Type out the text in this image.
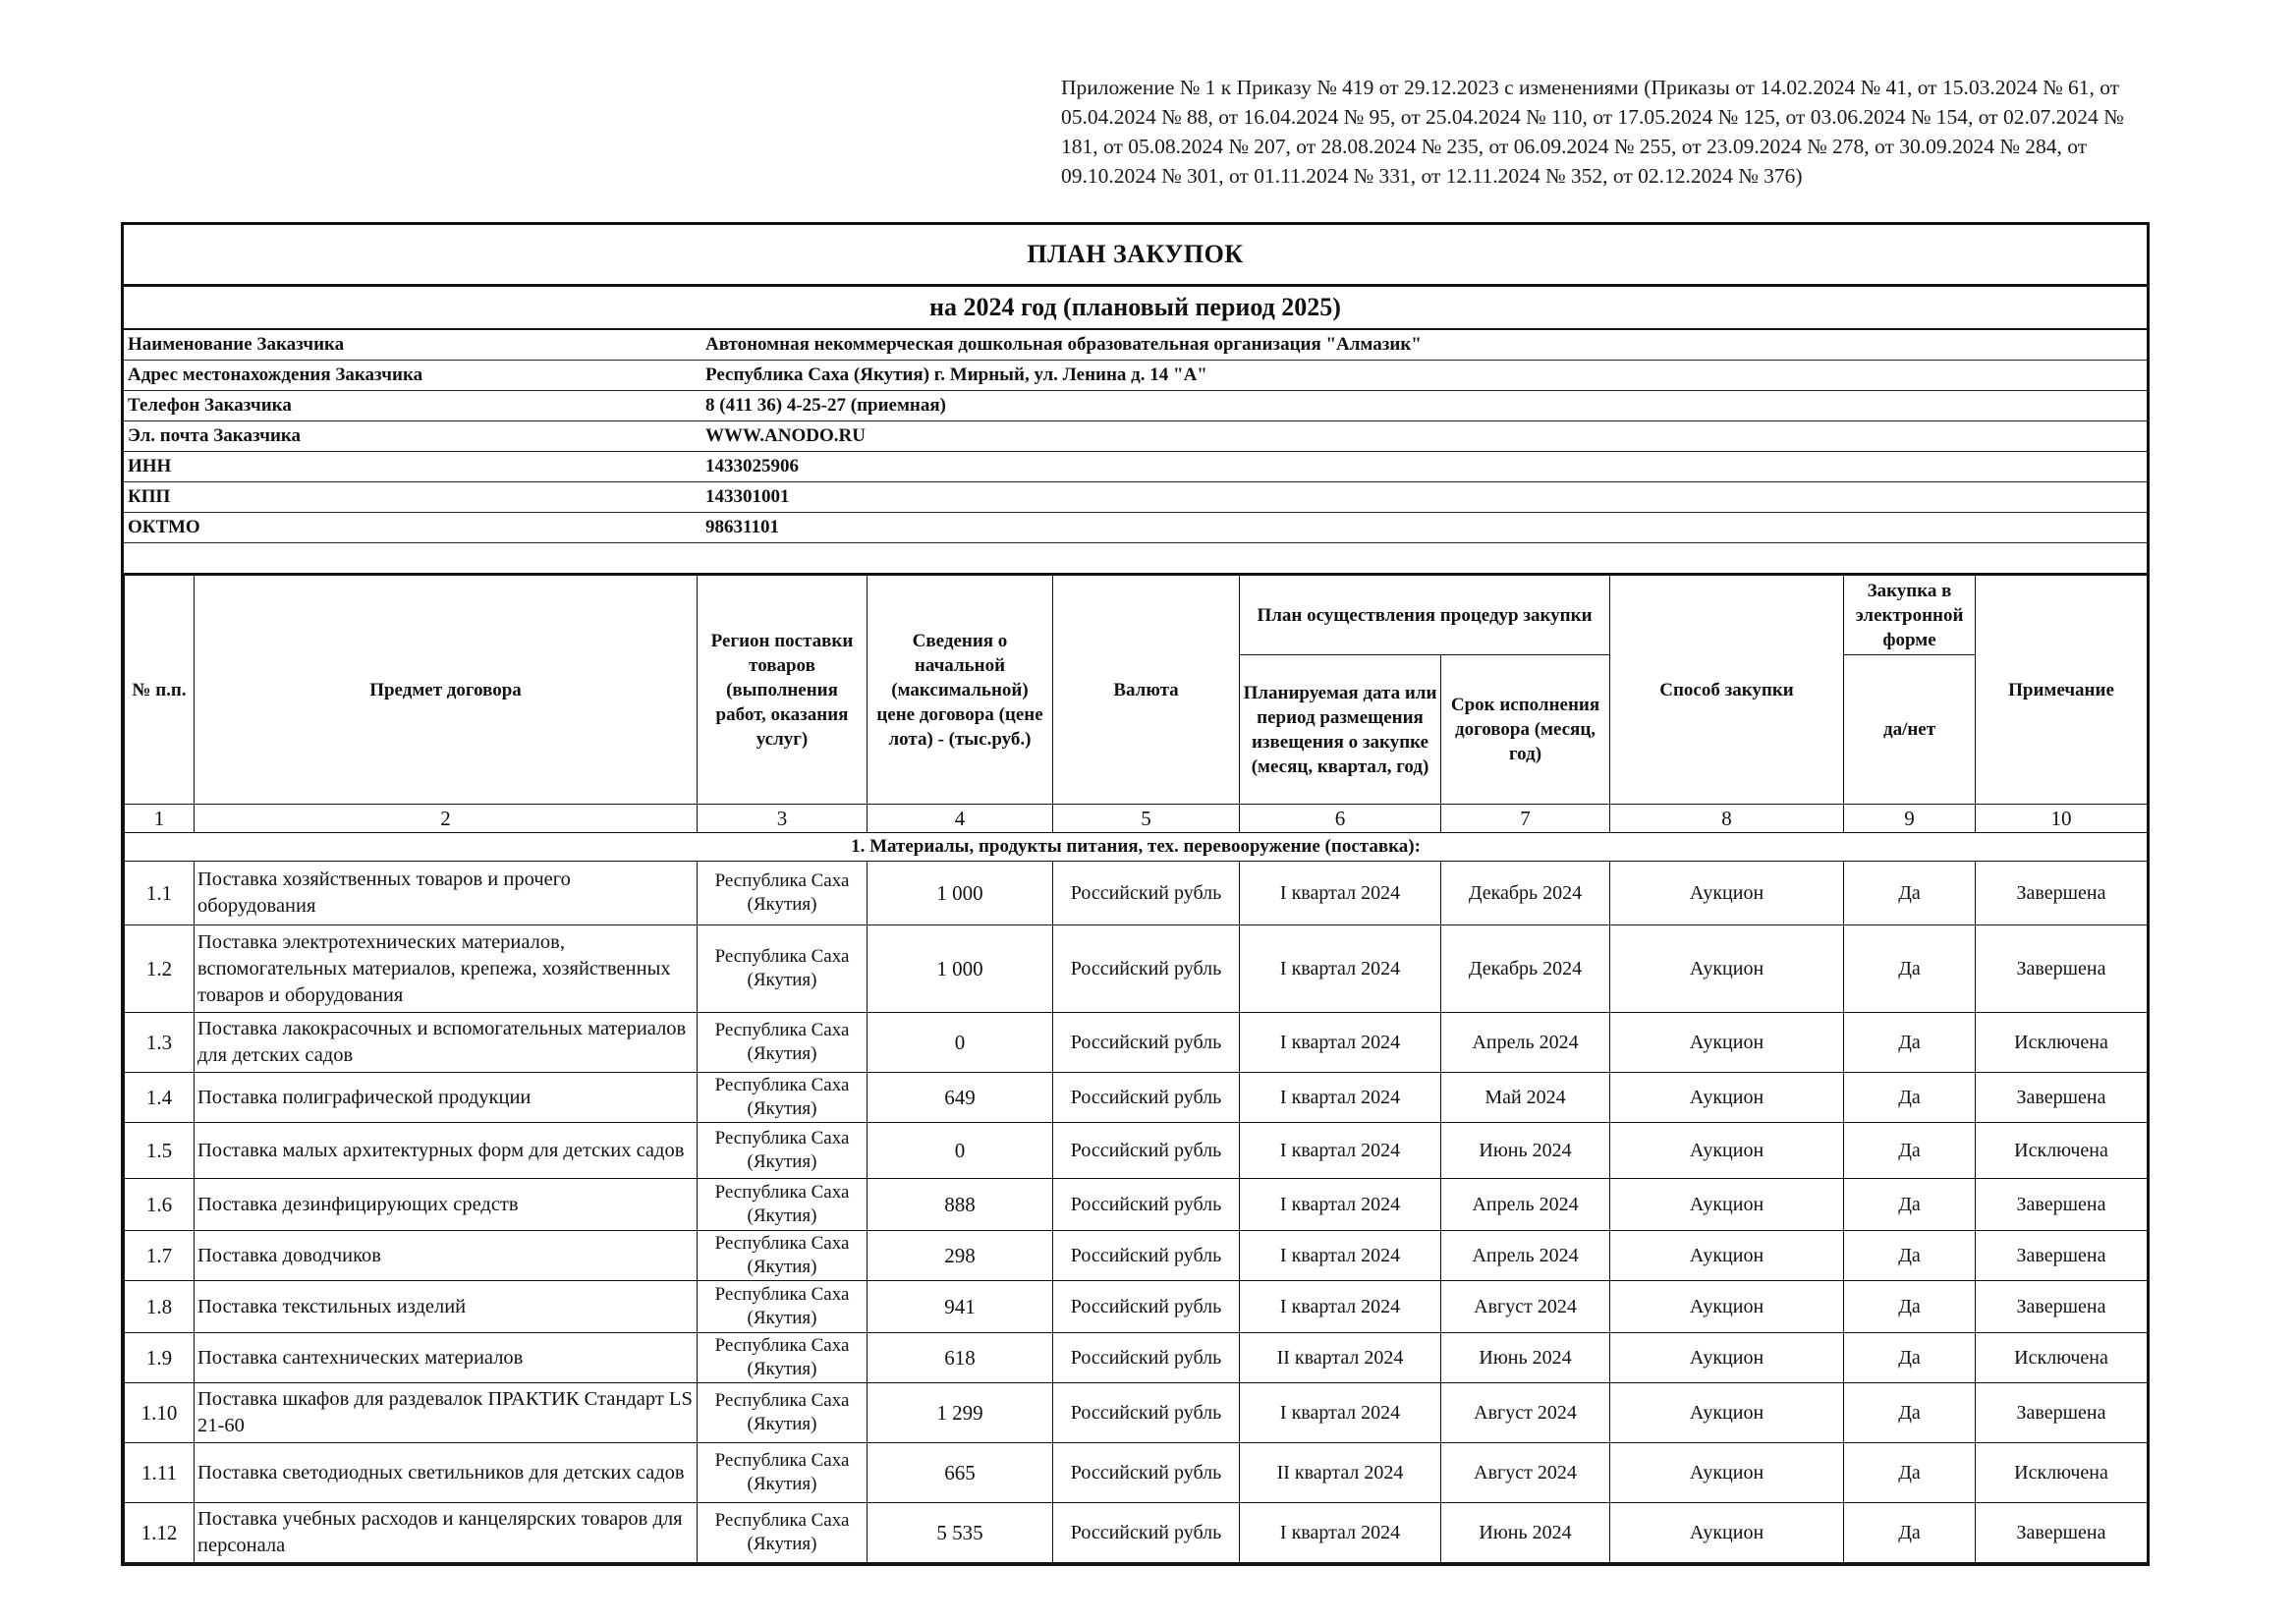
Приложение № 1 к Приказу № 419 от 29.12.2023 с изменениями (Приказы от 14.02.2024 № 41, от 15.03.2024 № 61, от 05.04.2024 № 88, от 16.04.2024 № 95, от 25.04.2024 № 110, от 17.05.2024 № 125, от 03.06.2024 № 154, от 02.07.2024 № 181, от 05.08.2024 № 207, от 28.08.2024 № 235, от 06.09.2024 № 255, от 23.09.2024 № 278, от 30.09.2024 № 284, от 09.10.2024 № 301, от 01.11.2024 № 331, от 12.11.2024 № 352, от 02.12.2024 № 376)
ПЛАН ЗАКУПОК
на 2024 год (плановый период 2025)
Наименование Заказчика	Автономная некоммерческая дошкольная образовательная организация "Алмазик"
Адрес местонахождения Заказчика	Республика Саха (Якутия) г. Мирный, ул. Ленина д. 14 "А"
Телефон Заказчика	8 (411 36) 4-25-27 (приемная)
Эл. почта Заказчика	WWW.ANODO.RU
ИНН	1433025906
КПП	143301001
ОКТМО	98631101
№ п.п.	Предмет договора	Регион поставки товаров (выполнения работ, оказания услуг)	Сведения о начальной (максимальной) цене договора (цене лота) - (тыс.руб.)	Валюта	План осуществления процедур закупки		Способ закупки	Закупка в электронной форме	Примечание
					Планируемая дата или период размещения извещения о закупке (месяц, квартал, год)	Срок исполнения договора (месяц, год)		да/нет	
1	2	3	4	5	6	7	8	9	10
1. Материалы, продукты питания, тех. перевооружение (поставка):									
1.1	Поставка хозяйственных товаров и прочего оборудования	Республика Саха (Якутия)	1 000	Российский рубль	I квартал 2024	Декабрь 2024	Аукцион	Да	Завершена
1.2	Поставка электротехнических материалов, вспомогательных материалов, крепежа, хозяйственных товаров и оборудования	Республика Саха (Якутия)	1 000	Российский рубль	I квартал 2024	Декабрь 2024	Аукцион	Да	Завершена
1.3	Поставка лакокрасочных и вспомогательных материалов для детских садов	Республика Саха (Якутия)	0	Российский рубль	I квартал 2024	Апрель 2024	Аукцион	Да	Исключена
1.4	Поставка полиграфической продукции	Республика Саха (Якутия)	649	Российский рубль	I квартал 2024	Май 2024	Аукцион	Да	Завершена
1.5	Поставка малых архитектурных форм для детских садов	Республика Саха (Якутия)	0	Российский рубль	I квартал 2024	Июнь 2024	Аукцион	Да	Исключена
1.6	Поставка дезинфицирующих средств	Республика Саха (Якутия)	888	Российский рубль	I квартал 2024	Апрель 2024	Аукцион	Да	Завершена
1.7	Поставка доводчиков	Республика Саха (Якутия)	298	Российский рубль	I квартал 2024	Апрель 2024	Аукцион	Да	Завершена
1.8	Поставка текстильных изделий	Республика Саха (Якутия)	941	Российский рубль	I квартал 2024	Август 2024	Аукцион	Да	Завершена
1.9	Поставка сантехнических материалов	Республика Саха (Якутия)	618	Российский рубль	II квартал 2024	Июнь 2024	Аукцион	Да	Исключена
1.10	Поставка шкафов для раздевалок ПРАКТИК Стандарт LS 21-60	Республика Саха (Якутия)	1 299	Российский рубль	I квартал 2024	Август 2024	Аукцион	Да	Завершена
1.11	Поставка светодиодных светильников для детских садов	Республика Саха (Якутия)	665	Российский рубль	II квартал 2024	Август 2024	Аукцион	Да	Исключена
1.12	Поставка учебных расходов и канцелярских товаров для персонала	Республика Саха (Якутия)	5 535	Российский рубль	I квартал 2024	Июнь 2024	Аукцион	Да	Завершена
